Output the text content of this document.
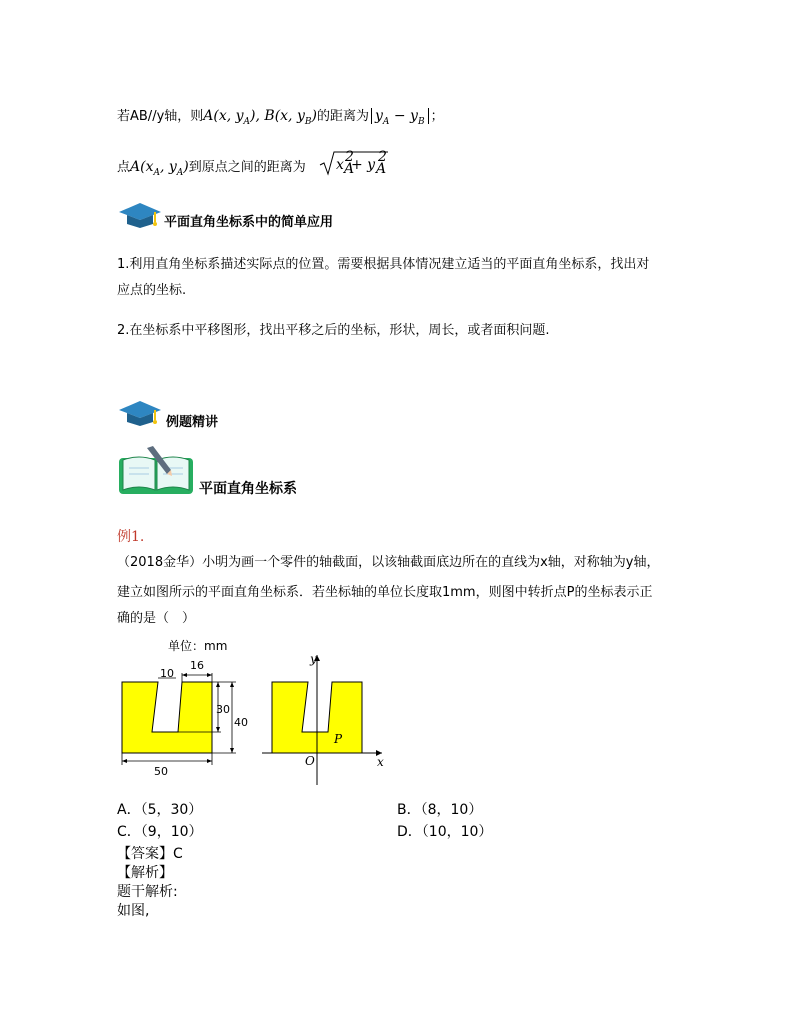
若AB//y轴，则A(x, $y_A$), B(x, $y_B$)的距离为 $y_A - y_B$ ；
点$A(x_A$, $y_A$)到原点之间的距离为 x A
2
+ y A
2
平面直角坐标系中的简单应用
1.利用直角坐标系描述实际点的位置。需要根据具体情况建立适当的平面直角坐标系，找出对
应点的坐标.
2.在坐标系中平移图形，找出平移之后的坐标，形状，周长，或者面积问题.
例题精讲
平面直角坐标系
例1.
（2018金华）小明为画一个零件的轴截面，以该轴截面底边所在的直线为x轴，对称轴为y轴，
建立如图所示的平面直角坐标系．若坐标轴的单位长度取1mm，则图中转折点P的坐标表示正
确的是（　）
单位：mm
10
16
30
40
50
y
x
O
P
A．（5，30）	B．（8，10）
C．（9，10）	D．（10，10）
【答案】C
【解析】
题干解析:
如图,
